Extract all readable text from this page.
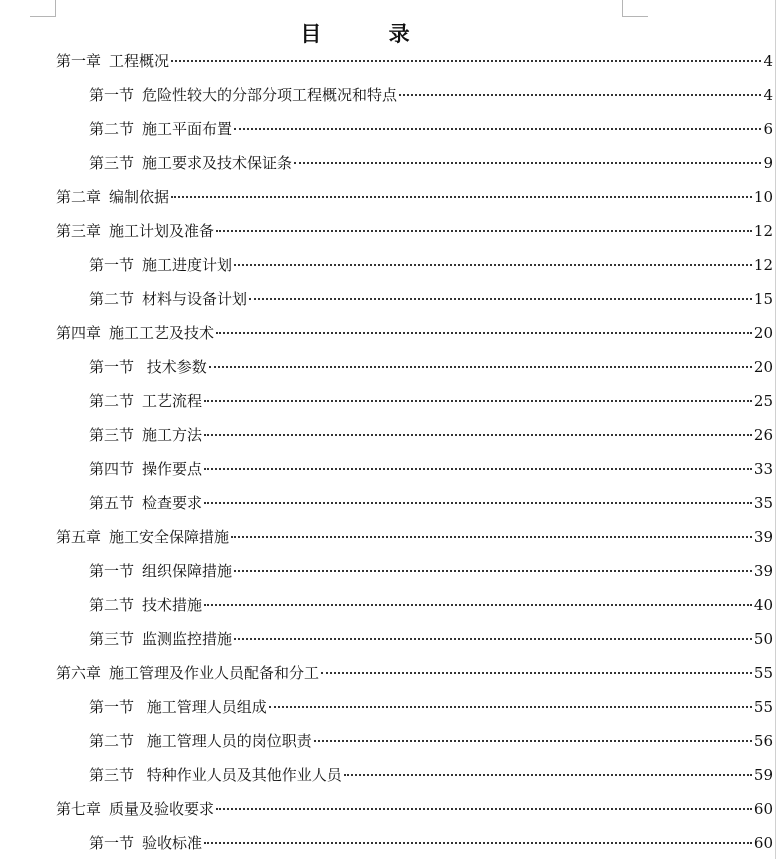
目 录
第一章 工程概况	4
第一节 危险性较大的分部分项工程概况和特点	4
第二节 施工平面布置	6
第三节 施工要求及技术保证条	9
第二章 编制依据	10
第三章 施工计划及准备	12
第一节 施工进度计划	12
第二节 材料与设备计划	15
第四章 施工工艺及技术	20
第一节 技术参数	20
第二节 工艺流程	25
第三节 施工方法	26
第四节 操作要点	33
第五节 检查要求	35
第五章 施工安全保障措施	39
第一节 组织保障措施	39
第二节 技术措施	40
第三节 监测监控措施	50
第六章 施工管理及作业人员配备和分工	55
第一节 施工管理人员组成	55
第二节 施工管理人员的岗位职责	56
第三节 特种作业人员及其他作业人员	59
第七章 质量及验收要求	60
第一节 验收标准	60
